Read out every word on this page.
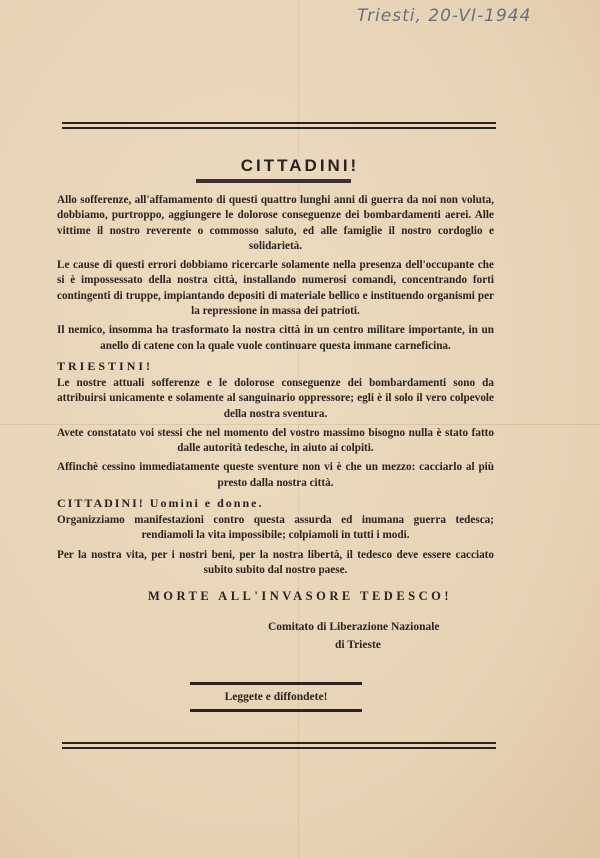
Triesti, 20-VI-1944
CITTADINI!

Allo sofferenze, all'affamamento di questi quattro lunghi anni di guerra da noi non voluta, dobbiamo, purtroppo, aggiungere le dolorose conseguenze dei bombardamenti aerei. Alle vittime il nostro reverente o commosso saluto, ed alle famiglie il nostro cordoglio e solidarietà.

Le cause di questi errori dobbiamo ricercarle solamente nella presenza dell'occupante che si è impossessato della nostra città, installando numerosi comandi, concentrando forti contingenti di truppe, impiantando depositi di materiale bellico e instituendo organismi per la repressione in massa dei patrioti.

Il nemico, insomma ha trasformato la nostra città in un centro militare importante, in un anello di catene con la quale vuole continuare questa immane carneficina.

TRIESTINI!

Le nostre attuali sofferenze e le dolorose conseguenze dei bombardamenti sono da attribuirsi unicamente e solamente al sanguinario oppressore; egli è il solo il vero colpevole della nostra sventura.

Avete constatato voi stessi che nel momento del vostro massimo bisogno nulla è stato fatto dalle autorità tedesche, in aiuto ai colpiti.

Affinchè cessino immediatamente queste sventure non vi è che un mezzo: cacciarlo al più presto dalla nostra città.

CITTADINI! Uomini e donne.

Organizziamo manifestazioni contro questa assurda ed inumana guerra tedesca; rendiamoli la vita impossibile; colpiamoli in tutti i modi.

Per la nostra vita, per i nostri beni, per la nostra libertà, il tedesco deve essere cacciato subito subito dal nostro paese.

MORTE ALL'INVASORE TEDESCO!
Comitato di Liberazione Nazionale
di Trieste
Leggete e diffondete!
